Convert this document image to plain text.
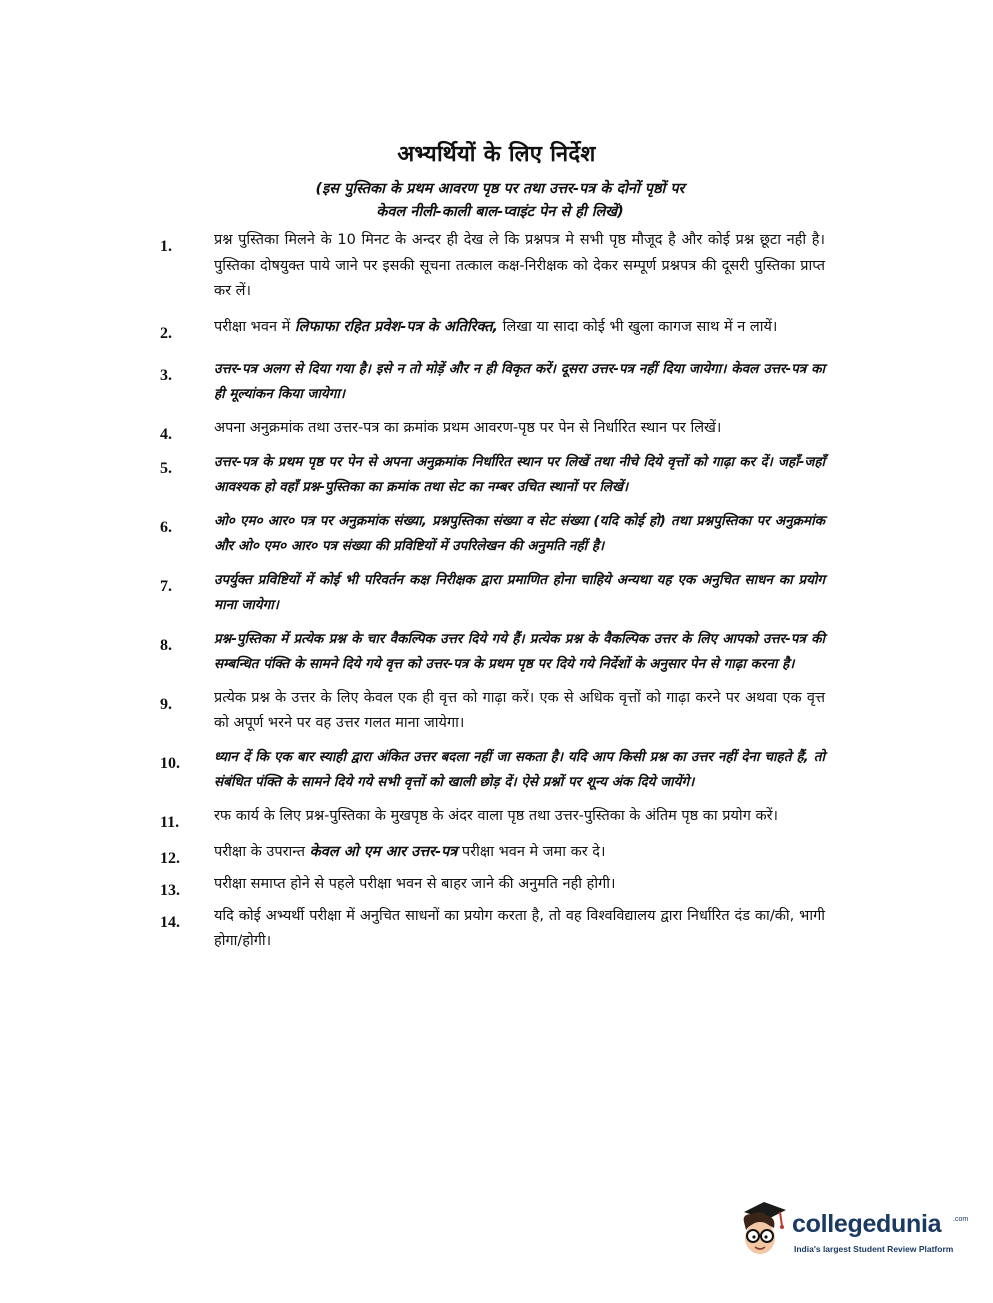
अभ्यर्थियों के लिए निर्देश
(इस पुस्तिका के प्रथम आवरण पृष्ठ पर तथा उत्तर-पत्र के दोनों पृष्ठों पर
केवल नीली-काली बाल-प्वाइंट पेन से ही लिखें)
1.	प्रश्न पुस्तिका मिलने के 10 मिनट के अन्दर ही देख ले कि प्रश्नपत्र मे सभी पृष्ठ मौजूद है और कोई प्रश्न छूटा नही है। पुस्तिका दोषयुक्त पाये जाने पर इसकी सूचना तत्काल कक्ष-निरीक्षक को देकर सम्पूर्ण प्रश्नपत्र की दूसरी पुस्तिका प्राप्त कर लें।
2.	परीक्षा भवन में लिफाफा रहित प्रवेश-पत्र के अतिरिक्त, लिखा या सादा कोई भी खुला कागज साथ में न लायें।
3.	उत्तर-पत्र अलग से दिया गया है। इसे न तो मोड़ें और न ही विकृत करें। दूसरा उत्तर-पत्र नहीं दिया जायेगा। केवल उत्तर-पत्र का ही मूल्यांकन किया जायेगा।
4.	अपना अनुक्रमांक तथा उत्तर-पत्र का क्रमांक प्रथम आवरण-पृष्ठ पर पेन से निर्धारित स्थान पर लिखें।
5.	उत्तर-पत्र के प्रथम पृष्ठ पर पेन से अपना अनुक्रमांक निर्धारित स्थान पर लिखें तथा नीचे दिये वृत्तों को गाढ़ा कर दें। जहाँ-जहाँ आवश्यक हो वहाँ प्रश्न-पुस्तिका का क्रमांक तथा सेट का नम्बर उचित स्थानों पर लिखें।
6.	ओ० एम० आर० पत्र पर अनुक्रमांक संख्या, प्रश्नपुस्तिका संख्या व सेट संख्या (यदि कोई हो) तथा प्रश्नपुस्तिका पर अनुक्रमांक और ओ० एम० आर० पत्र संख्या की प्रविष्टियों में उपरिलेखन की अनुमति नहीं है।
7.	उपर्युक्त प्रविष्टियों में कोई भी परिवर्तन कक्ष निरीक्षक द्वारा प्रमाणित होना चाहिये अन्यथा यह एक अनुचित साधन का प्रयोग माना जायेगा।
8.	प्रश्न-पुस्तिका में प्रत्येक प्रश्न के चार वैकल्पिक उत्तर दिये गये हैं। प्रत्येक प्रश्न के वैकल्पिक उत्तर के लिए आपको उत्तर-पत्र की सम्बन्धित पंक्ति के सामने दिये गये वृत्त को उत्तर-पत्र के प्रथम पृष्ठ पर दिये गये निर्देशों के अनुसार पेन से गाढ़ा करना है।
9.	प्रत्येक प्रश्न के उत्तर के लिए केवल एक ही वृत्त को गाढ़ा करें। एक से अधिक वृत्तों को गाढ़ा करने पर अथवा एक वृत्त को अपूर्ण भरने पर वह उत्तर गलत माना जायेगा।
10.	ध्यान दें कि एक बार स्याही द्वारा अंकित उत्तर बदला नहीं जा सकता है। यदि आप किसी प्रश्न का उत्तर नहीं देना चाहते हैं, तो संबंधित पंक्ति के सामने दिये गये सभी वृत्तों को खाली छोड़ दें। ऐसे प्रश्नों पर शून्य अंक दिये जायेंगे।
11.	रफ कार्य के लिए प्रश्न-पुस्तिका के मुखपृष्ठ के अंदर वाला पृष्ठ तथा उत्तर-पुस्तिका के अंतिम पृष्ठ का प्रयोग करें।
12.	परीक्षा के उपरान्त केवल ओ एम आर उत्तर-पत्र परीक्षा भवन मे जमा कर दे।
13.	परीक्षा समाप्त होने से पहले परीक्षा भवन से बाहर जाने की अनुमति नही होगी।
14.	यदि कोई अभ्यर्थी परीक्षा में अनुचित साधनों का प्रयोग करता है, तो वह विश्वविद्यालय द्वारा निर्धारित दंड का/की, भागी होगा/होगी।
collegedunia .com
India's largest Student Review Platform
